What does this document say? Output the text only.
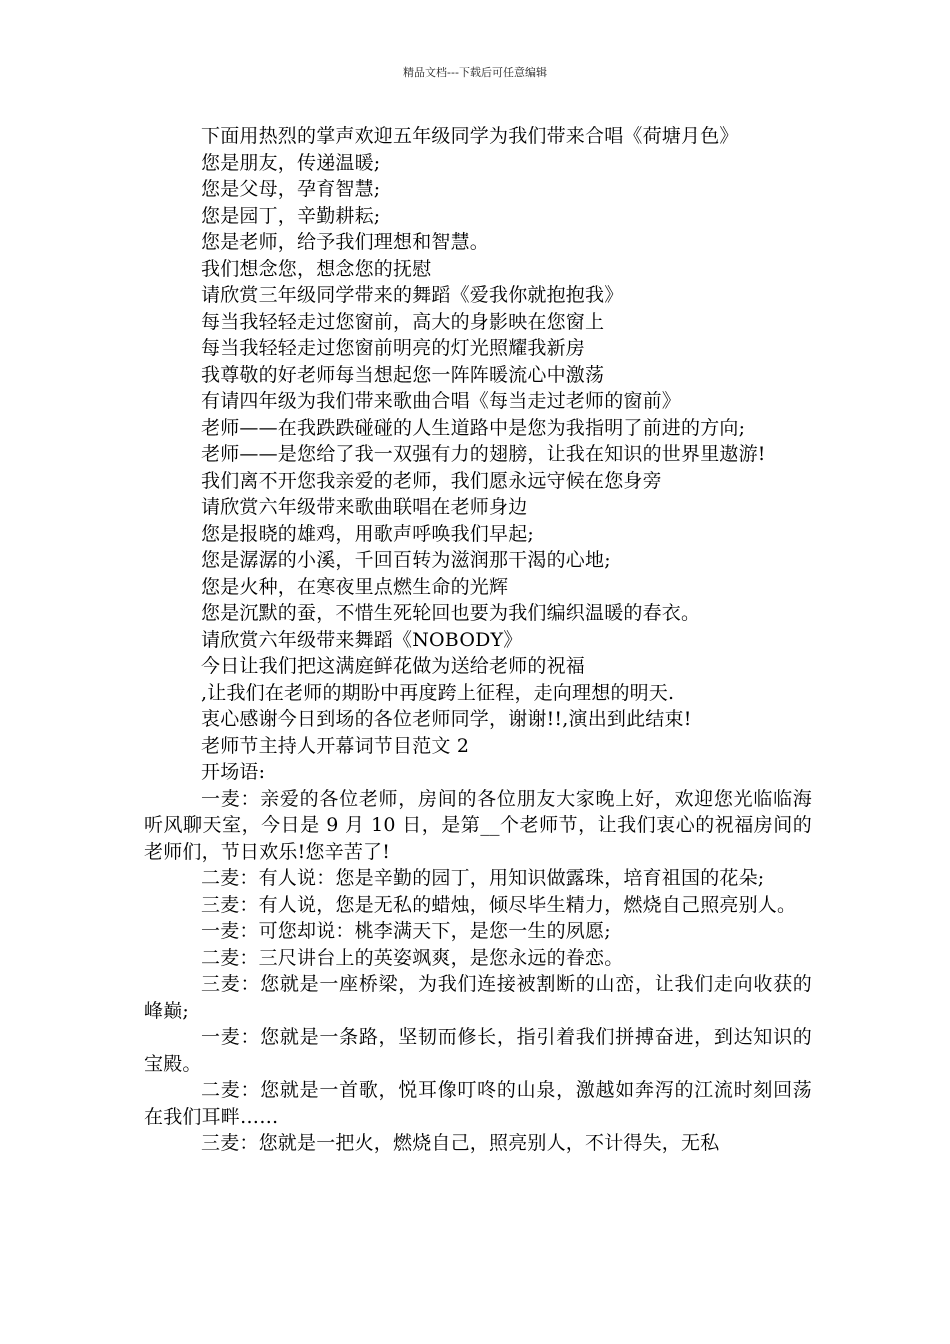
精品文档---下载后可任意编辑

下面用热烈的掌声欢迎五年级同学为我们带来合唱《荷塘月色》

您是朋友，传递温暖;

您是父母，孕育智慧;

您是园丁，辛勤耕耘;

您是老师，给予我们理想和智慧。

我们想念您，想念您的抚慰

请欣赏三年级同学带来的舞蹈《爱我你就抱抱我》

每当我轻轻走过您窗前，高大的身影映在您窗上

每当我轻轻走过您窗前明亮的灯光照耀我新房

我尊敬的好老师每当想起您一阵阵暖流心中激荡

有请四年级为我们带来歌曲合唱《每当走过老师的窗前》

老师——在我跌跌碰碰的人生道路中是您为我指明了前进的方向;

老师——是您给了我一双强有力的翅膀，让我在知识的世界里遨游!

我们离不开您我亲爱的老师，我们愿永远守候在您身旁

请欣赏六年级带来歌曲联唱在老师身边

您是报晓的雄鸡，用歌声呼唤我们早起;

您是潺潺的小溪，千回百转为滋润那干渴的心地;

您是火种，在寒夜里点燃生命的光辉

您是沉默的蚕，不惜生死轮回也要为我们编织温暖的春衣。

请欣赏六年级带来舞蹈《NOBODY》

今日让我们把这满庭鲜花做为送给老师的祝福

,让我们在老师的期盼中再度跨上征程，走向理想的明天.

衷心感谢今日到场的各位老师同学，谢谢!!,演出到此结束!

老师节主持人开幕词节目范文 2

开场语:

一麦：亲爱的各位老师，房间的各位朋友大家晚上好，欢迎您光临临海听风聊天室，今日是 9 月 10 日，是第__个老师节，让我们衷心的祝福房间的老师们，节日欢乐!您辛苦了!

二麦：有人说：您是辛勤的园丁，用知识做露珠，培育祖国的花朵;

三麦：有人说，您是无私的蜡烛，倾尽毕生精力，燃烧自己照亮别人。

一麦：可您却说：桃李满天下，是您一生的夙愿;

二麦：三尺讲台上的英姿飒爽，是您永远的眷恋。

三麦：您就是一座桥梁，为我们连接被割断的山峦，让我们走向收获的峰巅;

一麦：您就是一条路，坚韧而修长，指引着我们拼搏奋进，到达知识的宝殿。

二麦：您就是一首歌，悦耳像叮咚的山泉，激越如奔泻的江流时刻回荡在我们耳畔……

三麦：您就是一把火，燃烧自己，照亮别人，不计得失，无私
